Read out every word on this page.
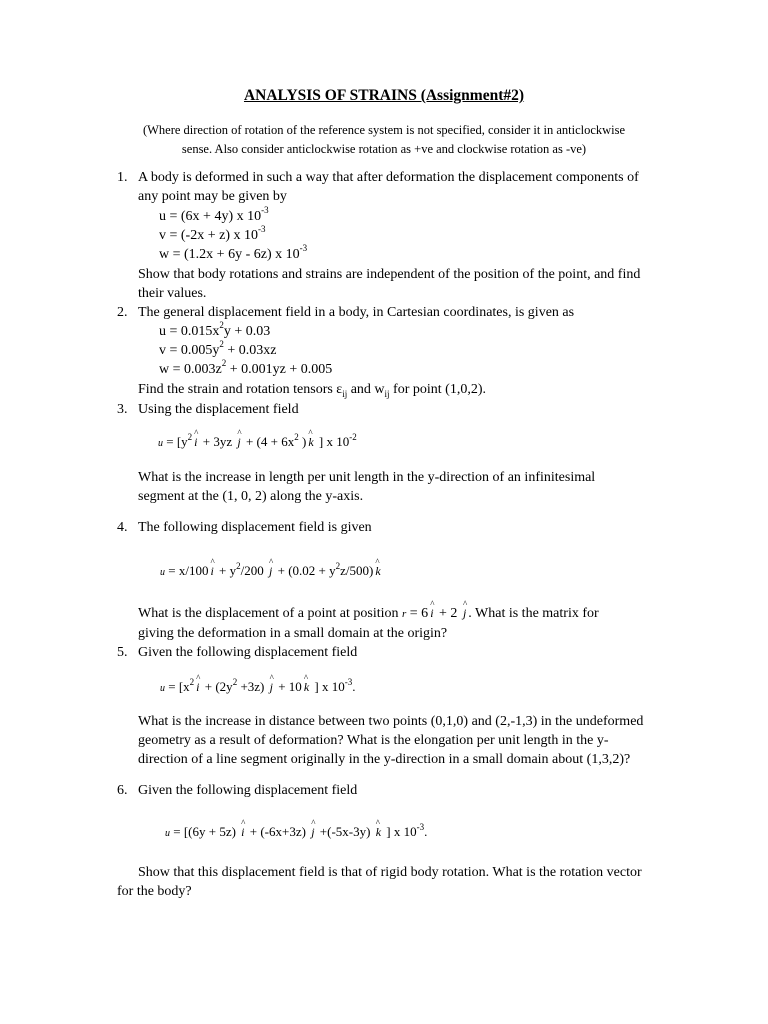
ANALYSIS OF STRAINS (Assignment#2)
(Where direction of rotation of the reference system is not specified, consider it in anticlockwise
sense. Also consider anticlockwise rotation as +ve and clockwise rotation as -ve)
1. A body is deformed in such a way that after deformation the displacement components of
any point may be given by
u = (6x + 4y) x $10^{-3}$
v = (-2x + z) x $10^{-3}$
w = (1.2x + 6y - 6z) x $10^{-3}$
Show that body rotations and strains are independent of the position of the point, and find
their values.
2. The general displacement field in a body, in Cartesian coordinates, is given as
$u = 0.015x^2y + 0.03$
$v = 0.005y^2 + 0.03xz$
$w = 0.003z^2 + 0.001yz + 0.005$
Find the strain and rotation tensors $\varepsilon_{ij}$ and $w_{ij}$ for point (1,0,2).
3. Using the displacement field
$u = [y^2\^{}$ i + 3yz ^ $j + (4 + 6x^2$ )^ k ] x $10^{-2}$
What is the increase in length per unit length in the y-direction of an infinitesimal
segment at the (1, 0, 2) along the y-axis.
4. The following displacement field is given
u = x/100^ $i + y^2/200$ ^ $j + (0.02 + y^2z/500)\^{}$ k
What is the displacement of a point at position r = 6^ i + 2 ^ j . What is the matrix for
giving the deformation in a small domain at the origin?
5. Given the following displacement field
$u = [x^2\^{}$ $i + (2y^2 +3z)$ ^ j + 10^ k ] x $10^{-3}$.
What is the increase in distance between two points (0,1,0) and (2,-1,3) in the undeformed
geometry as a result of deformation? What is the elongation per unit length in the y-
direction of a line segment originally in the y-direction in a small domain about (1,3,2)?
6. Given the following displacement field
u = [(6y + 5z) ^ i + (-6x+3z) ^ j +(-5x-3y) ^ k ] x $10^{-3}$.
Show that this displacement field is that of rigid body rotation. What is the rotation vector
for the body?
